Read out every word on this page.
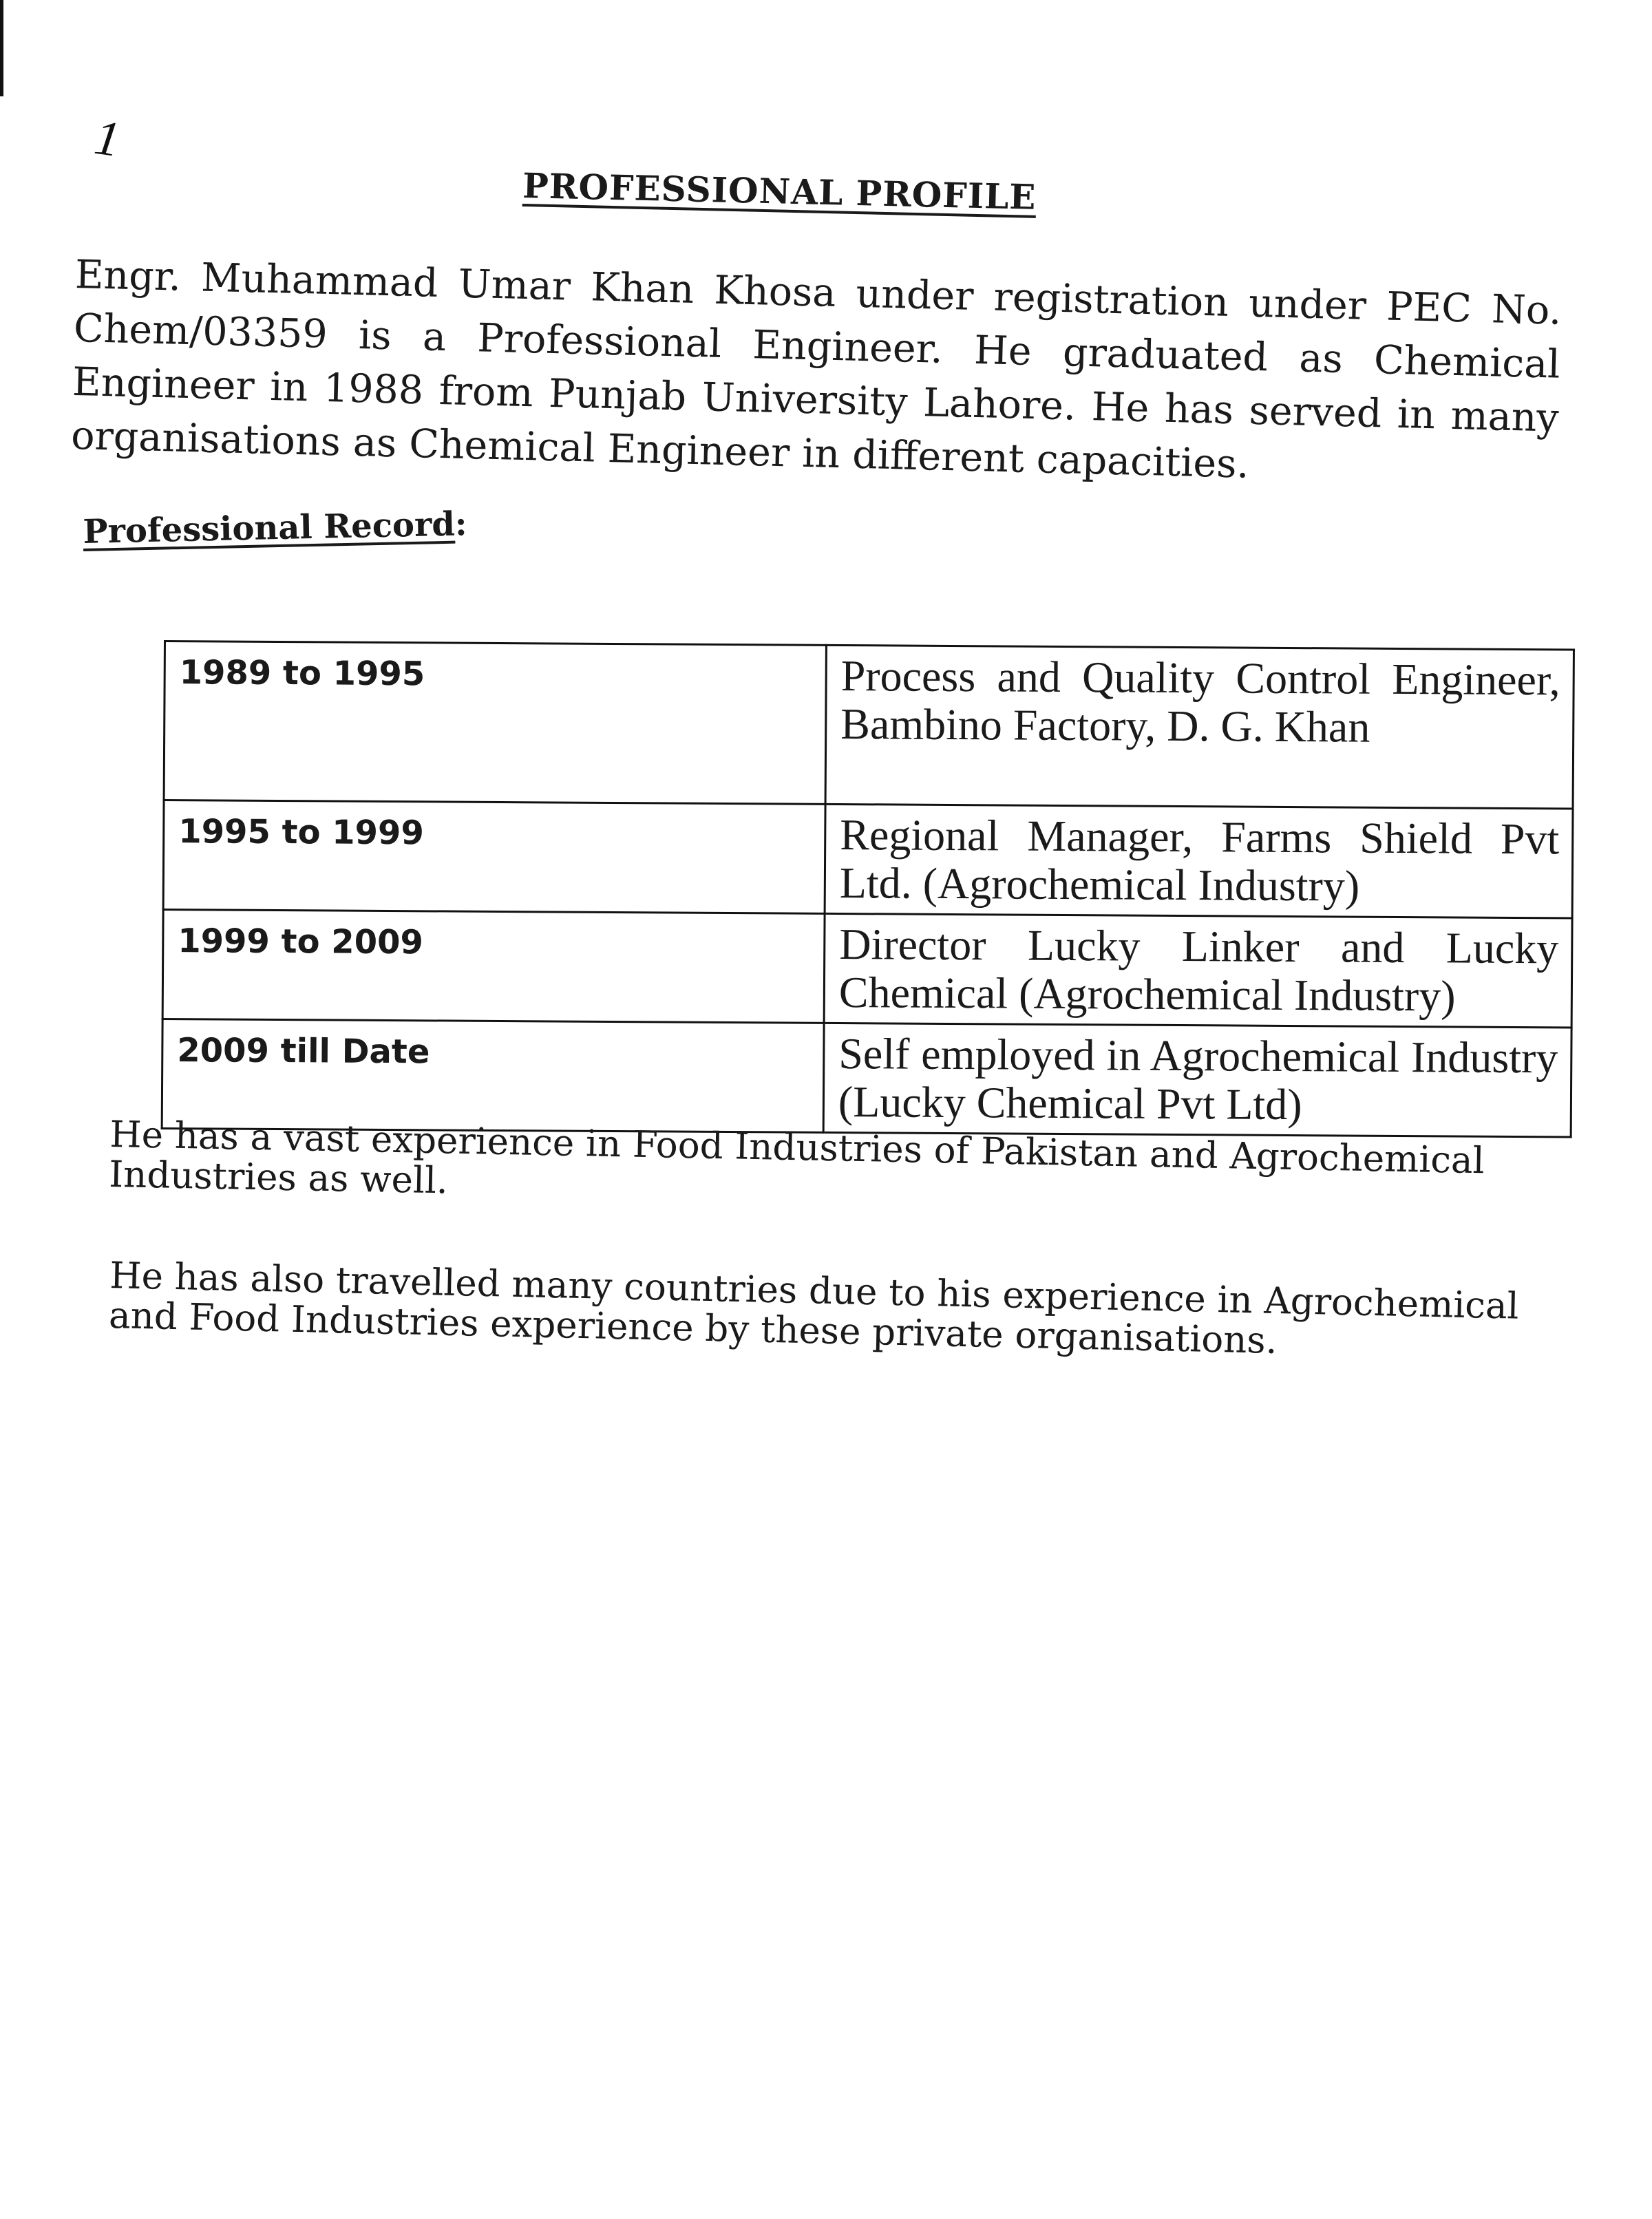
1
PROFESSIONAL PROFILE

Engr. Muhammad Umar Khan Khosa under registration under PEC No. Chem/03359 is a Professional Engineer. He graduated as Chemical Engineer in 1988 from Punjab University Lahore. He has served in many organisations as Chemical Engineer in different capacities.

Professional Record:
1989 to 1995	Process and Quality Control Engineer, Bambino Factory, D. G. Khan
1995 to 1999	Regional Manager, Farms Shield Pvt Ltd. (Agrochemical Industry)
1999 to 2009	Director Lucky Linker and Lucky Chemical (Agrochemical Industry)
2009 till Date	Self employed in Agrochemical Industry (Lucky Chemical Pvt Ltd)

He has a vast experience in Food Industries of Pakistan and Agrochemical Industries as well.

He has also travelled many countries due to his experience in Agrochemical and Food Industries experience by these private organisations.
